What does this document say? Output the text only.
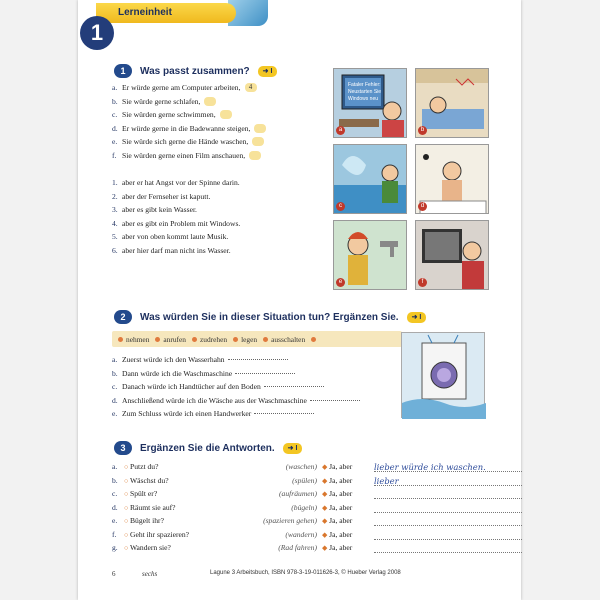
Lerneinheit
1
1	Was passt zusammen?	➜ I
a. Er würde gerne am Computer arbeiten,	4
b. Sie würde gerne schlafen,
c. Sie würden gerne schwimmen,
d. Er würde gerne in die Badewanne steigen,
e. Sie würde sich gerne die Hände waschen,
f. Sie würden gerne einen Film anschauen,
1. aber er hat Angst vor der Spinne darin.
2. aber der Fernseher ist kaputt.
3. aber es gibt kein Wasser.
4. aber es gibt ein Problem mit Windows.
5. aber von oben kommt laute Musik.
6. aber hier darf man nicht ins Wasser.
Fataler Fehler:
Neustarten Sie
Windows neu
a	b
c	d
e	f
2	Was würden Sie in dieser Situation tun? Ergänzen Sie.	➜ I
nehmen	anrufen	zudrehen	legen	ausschalten
a. Zuerst würde ich den Wasserhahn
b. Dann würde ich die Waschmaschine
c. Danach würde ich Handtücher auf den Boden
d. Anschließend würde ich die Wäsche aus der Waschmaschine
e. Zum Schluss würde ich einen Handwerker
3	Ergänzen Sie die Antworten.	➜ I
a. ○ Putzt du?	(waschen) ◆ Ja, aber	lieber würde ich waschen.
b. ○ Wäschst du?	(spülen) ◆ Ja, aber	lieber
c. ○ Spült er?	(aufräumen) ◆ Ja, aber
d. ○ Räumt sie auf?	(bügeln) ◆ Ja, aber
e. ○ Bügelt ihr?	(spazieren gehen) ◆ Ja, aber
f.	○ Geht ihr spazieren?	(wandern) ◆ Ja, aber
g. ○ Wandern sie?	(Rad fahren) ◆ Ja, aber
6	sechs	Lagune 3 Arbeitsbuch, ISBN 978-3-19-011626-3, © Hueber Verlag 2008
